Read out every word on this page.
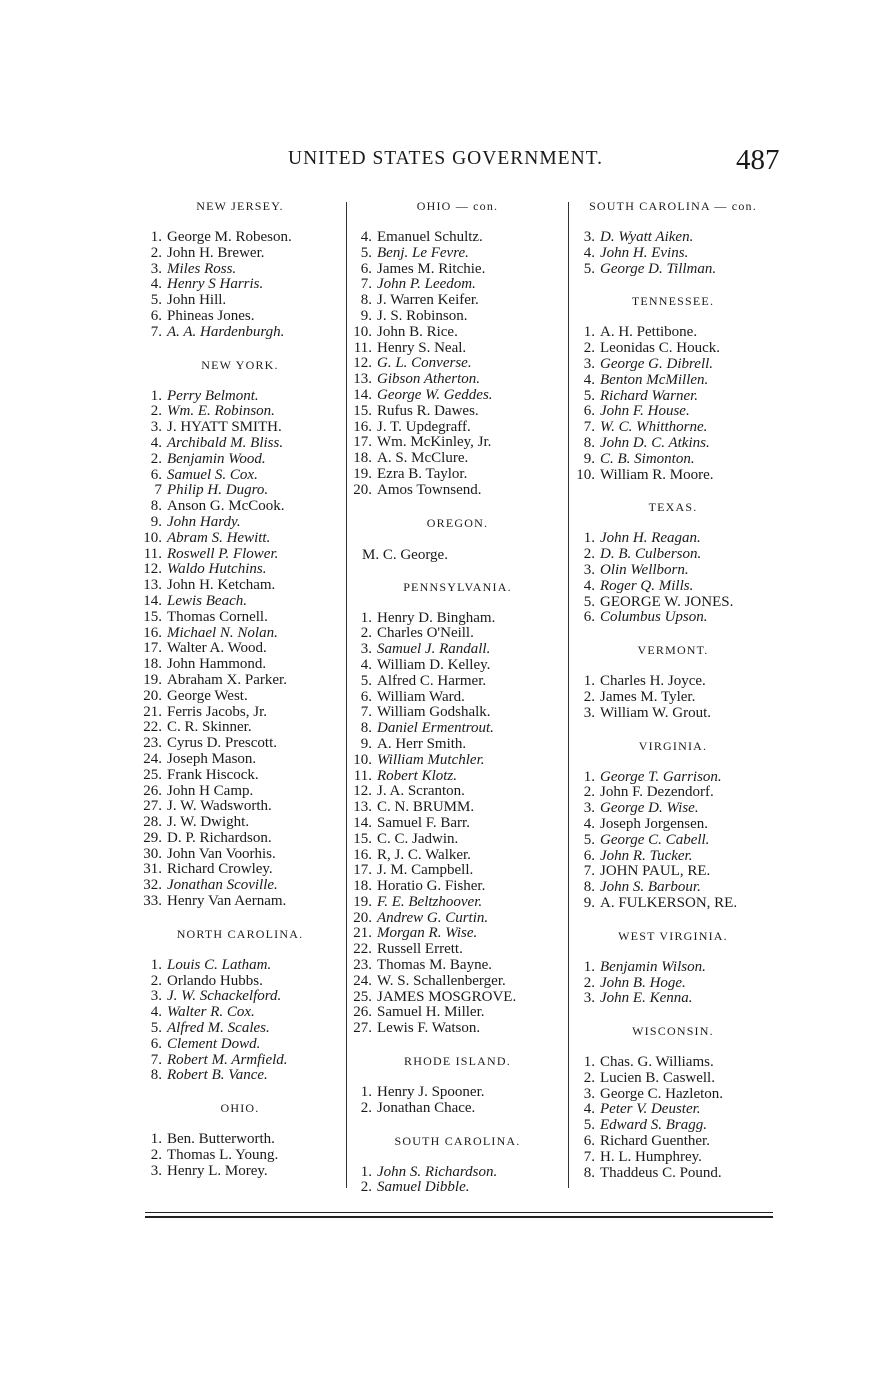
UNITED STATES GOVERNMENT.	487
NEW JERSEY.
1. George M. Robeson.
2. John H. Brewer.
3. Miles Ross.
4. Henry S Harris.
5. John Hill.
6. Phineas Jones.
7. A. A. Hardenburgh.
NEW YORK.
1. Perry Belmont.
2. Wm. E. Robinson.
3. J. HYATT SMITH.
4. Archibald M. Bliss.
2. Benjamin Wood.
6. Samuel S. Cox.
7 Philip H. Dugro.
8. Anson G. McCook.
9. John Hardy.
10. Abram S. Hewitt.
11. Roswell P. Flower.
12. Waldo Hutchins.
13. John H. Ketcham.
14. Lewis Beach.
15. Thomas Cornell.
16. Michael N. Nolan.
17. Walter A. Wood.
18. John Hammond.
19. Abraham X. Parker.
20. George West.
21. Ferris Jacobs, Jr.
22. C. R. Skinner.
23. Cyrus D. Prescott.
24. Joseph Mason.
25. Frank Hiscock.
26. John H Camp.
27. J. W. Wadsworth.
28. J. W. Dwight.
29. D. P. Richardson.
30. John Van Voorhis.
31. Richard Crowley.
32. Jonathan Scoville.
33. Henry Van Aernam.
NORTH CAROLINA.
1. Louis C. Latham.
2. Orlando Hubbs.
3. J. W. Schackelford.
4. Walter R. Cox.
5. Alfred M. Scales.
6. Clement Dowd.
7. Robert M. Armfield.
8. Robert B. Vance.
OHIO.
1. Ben. Butterworth.
2. Thomas L. Young.
3. Henry L. Morey.
OHIO — con.
4. Emanuel Schultz.
5. Benj. Le Fevre.
6. James M. Ritchie.
7. John P. Leedom.
8. J. Warren Keifer.
9. J. S. Robinson.
10. John B. Rice.
11. Henry S. Neal.
12. G. L. Converse.
13. Gibson Atherton.
14. George W. Geddes.
15. Rufus R. Dawes.
16. J. T. Updegraff.
17. Wm. McKinley, Jr.
18. A. S. McClure.
19. Ezra B. Taylor.
20. Amos Townsend.
OREGON.
M. C. George.
PENNSYLVANIA.
1. Henry D. Bingham.
2. Charles O'Neill.
3. Samuel J. Randall.
4. William D. Kelley.
5. Alfred C. Harmer.
6. William Ward.
7. William Godshalk.
8. Daniel Ermentrout.
9. A. Herr Smith.
10. William Mutchler.
11. Robert Klotz.
12. J. A. Scranton.
13. C. N. BRUMM.
14. Samuel F. Barr.
15. C. C. Jadwin.
16. R, J. C. Walker.
17. J. M. Campbell.
18. Horatio G. Fisher.
19. F. E. Beltzhoover.
20. Andrew G. Curtin.
21. Morgan R. Wise.
22. Russell Errett.
23. Thomas M. Bayne.
24. W. S. Schallenberger.
25. JAMES MOSGROVE.
26. Samuel H. Miller.
27. Lewis F. Watson.
RHODE ISLAND.
1. Henry J. Spooner.
2. Jonathan Chace.
SOUTH CAROLINA.
1. John S. Richardson.
2. Samuel Dibble.
SOUTH CAROLINA — con.
3. D. Wyatt Aiken.
4. John H. Evins.
5. George D. Tillman.
TENNESSEE.
1. A. H. Pettibone.
2. Leonidas C. Houck.
3. George G. Dibrell.
4. Benton McMillen.
5. Richard Warner.
6. John F. House.
7. W. C. Whitthorne.
8. John D. C. Atkins.
9. C. B. Simonton.
10. William R. Moore.
TEXAS.
1. John H. Reagan.
2. D. B. Culberson.
3. Olin Wellborn.
4. Roger Q. Mills.
5. GEORGE W. JONES.
6. Columbus Upson.
VERMONT.
1. Charles H. Joyce.
2. James M. Tyler.
3. William W. Grout.
VIRGINIA.
1. George T. Garrison.
2. John F. Dezendorf.
3. George D. Wise.
4. Joseph Jorgensen.
5. George C. Cabell.
6. John R. Tucker.
7. JOHN PAUL, RE.
8. John S. Barbour.
9. A. FULKERSON, RE.
WEST VIRGINIA.
1. Benjamin Wilson.
2. John B. Hoge.
3. John E. Kenna.
WISCONSIN.
1. Chas. G. Williams.
2. Lucien B. Caswell.
3. George C. Hazleton.
4. Peter V. Deuster.
5. Edward S. Bragg.
6. Richard Guenther.
7. H. L. Humphrey.
8. Thaddeus C. Pound.
